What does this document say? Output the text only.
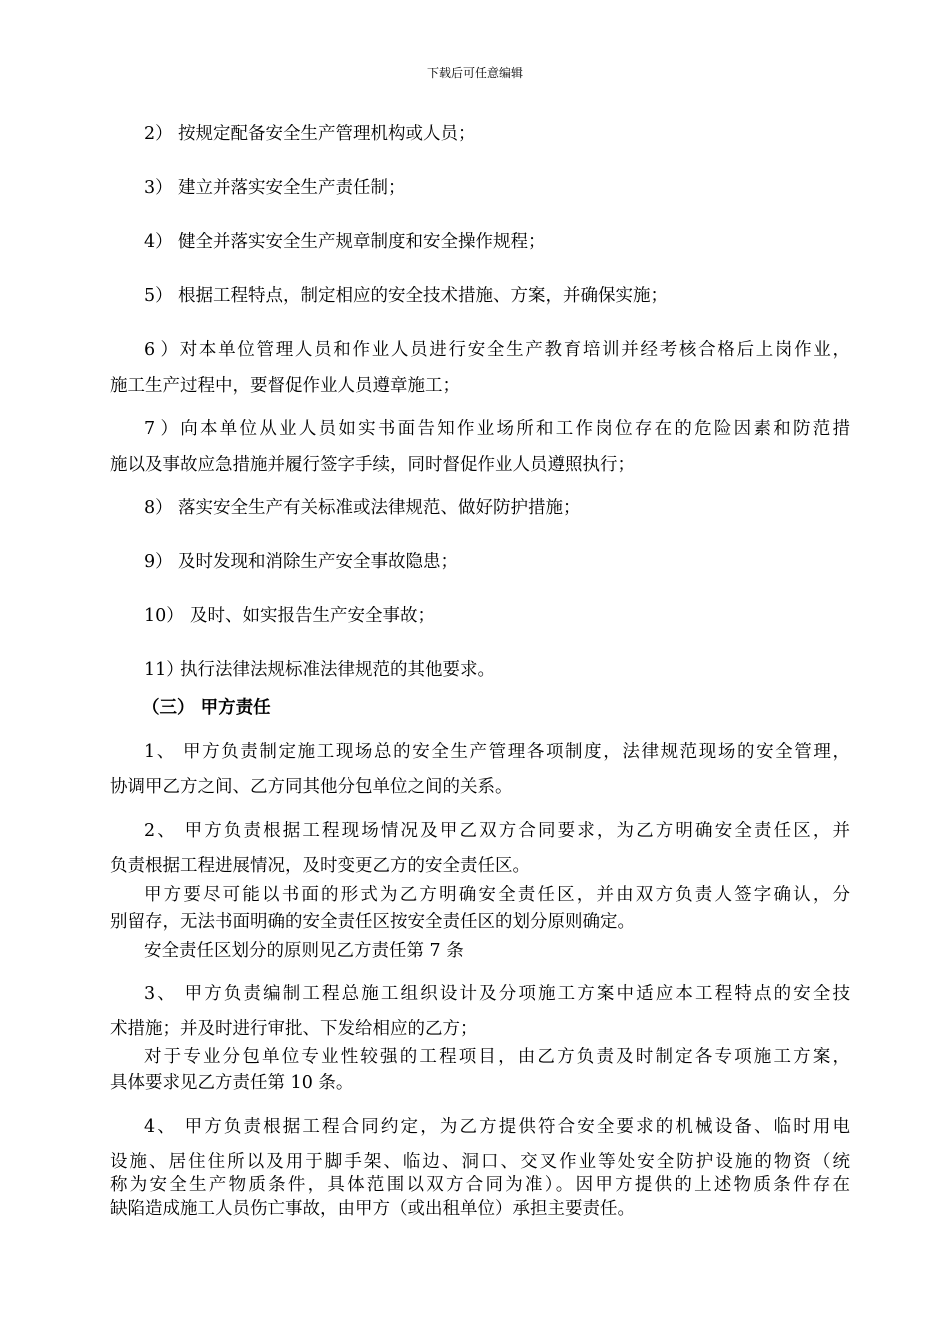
下载后可任意编辑
2） 按规定配备安全生产管理机构或人员；
3） 建立并落实安全生产责任制；
4） 健全并落实安全生产规章制度和安全操作规程；
5） 根据工程特点，制定相应的安全技术措施、方案，并确保实施；
6）对本单位管理人员和作业人员进行安全生产教育培训并经考核合格后上岗作业，
施工生产过程中，要督促作业人员遵章施工；
7）向本单位从业人员如实书面告知作业场所和工作岗位存在的危险因素和防范措
施以及事故应急措施并履行签字手续，同时督促作业人员遵照执行；
8） 落实安全生产有关标准或法律规范、做好防护措施；
9） 及时发现和消除生产安全事故隐患；
10） 及时、如实报告生产安全事故；
11）执行法律法规标准法律规范的其他要求。
（三） 甲方责任
1、 甲方负责制定施工现场总的安全生产管理各项制度，法律规范现场的安全管理，
协调甲乙方之间、乙方同其他分包单位之间的关系。
2、 甲方负责根据工程现场情况及甲乙双方合同要求，为乙方明确安全责任区，并
负责根据工程进展情况，及时变更乙方的安全责任区。
甲方要尽可能以书面的形式为乙方明确安全责任区，并由双方负责人签字确认，分
别留存，无法书面明确的安全责任区按安全责任区的划分原则确定。
安全责任区划分的原则见乙方责任第 7 条
3、 甲方负责编制工程总施工组织设计及分项施工方案中适应本工程特点的安全技
术措施；并及时进行审批、下发给相应的乙方；
对于专业分包单位专业性较强的工程项目，由乙方负责及时制定各专项施工方案，
具体要求见乙方责任第 10 条。
4、 甲方负责根据工程合同约定，为乙方提供符合安全要求的机械设备、临时用电
设施、居住住所以及用于脚手架、临边、洞口、交叉作业等处安全防护设施的物资（统
称为安全生产物质条件，具体范围以双方合同为准）。因甲方提供的上述物质条件存在
缺陷造成施工人员伤亡事故，由甲方（或出租单位）承担主要责任。
